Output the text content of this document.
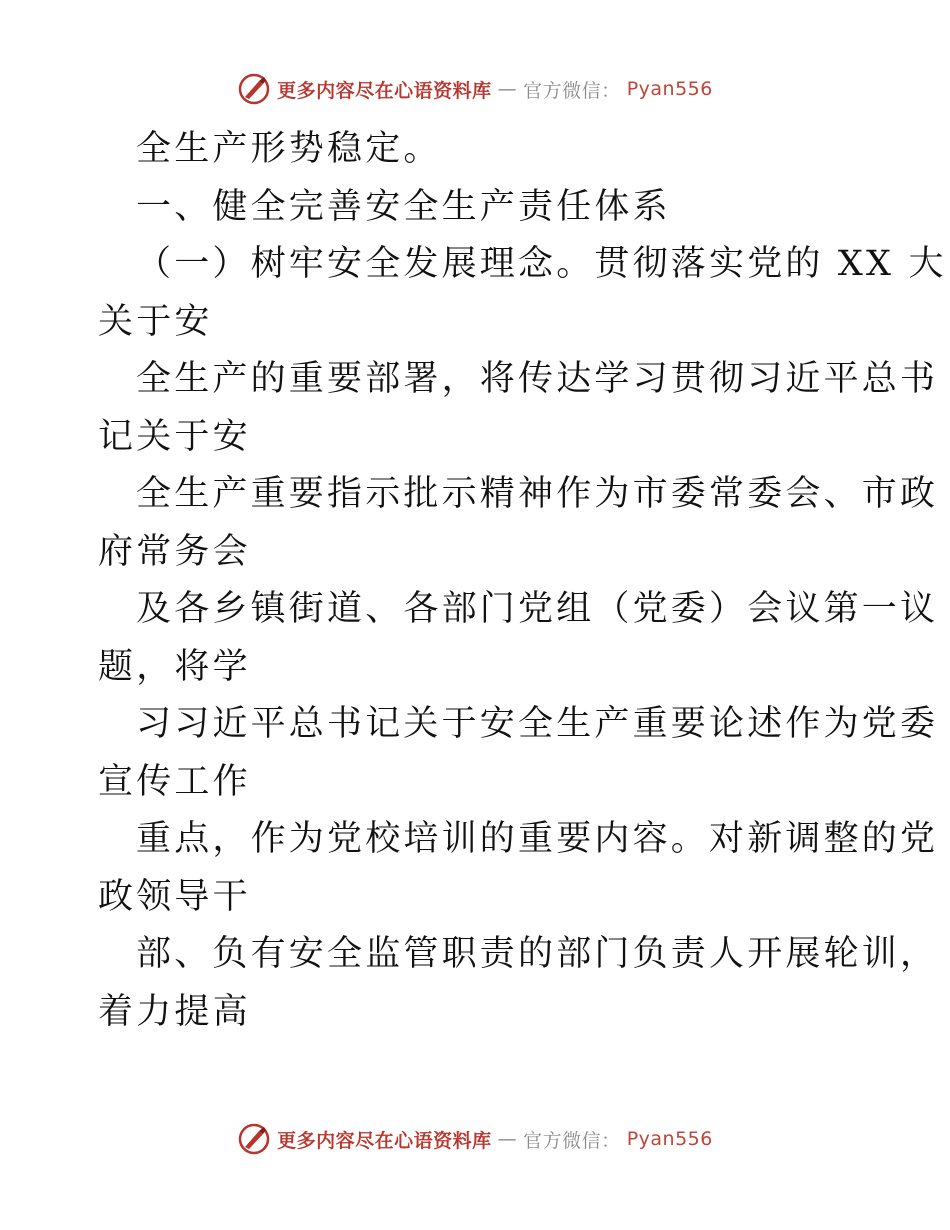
更多内容尽在心语资料库 — 官方微信： Pyan556
全生产形势稳定。
一、健全完善安全生产责任体系
（一）树牢安全发展理念。贯彻落实党的 XX 大
关于安
全生产的重要部署，将传达学习贯彻习近平总书
记关于安
全生产重要指示批示精神作为市委常委会、市政
府常务会
及各乡镇街道、各部门党组（党委）会议第一议
题，将学
习习近平总书记关于安全生产重要论述作为党委
宣传工作
重点，作为党校培训的重要内容。对新调整的党
政领导干
部、负有安全监管职责的部门负责人开展轮训，
着力提高
更多内容尽在心语资料库 — 官方微信： Pyan556
